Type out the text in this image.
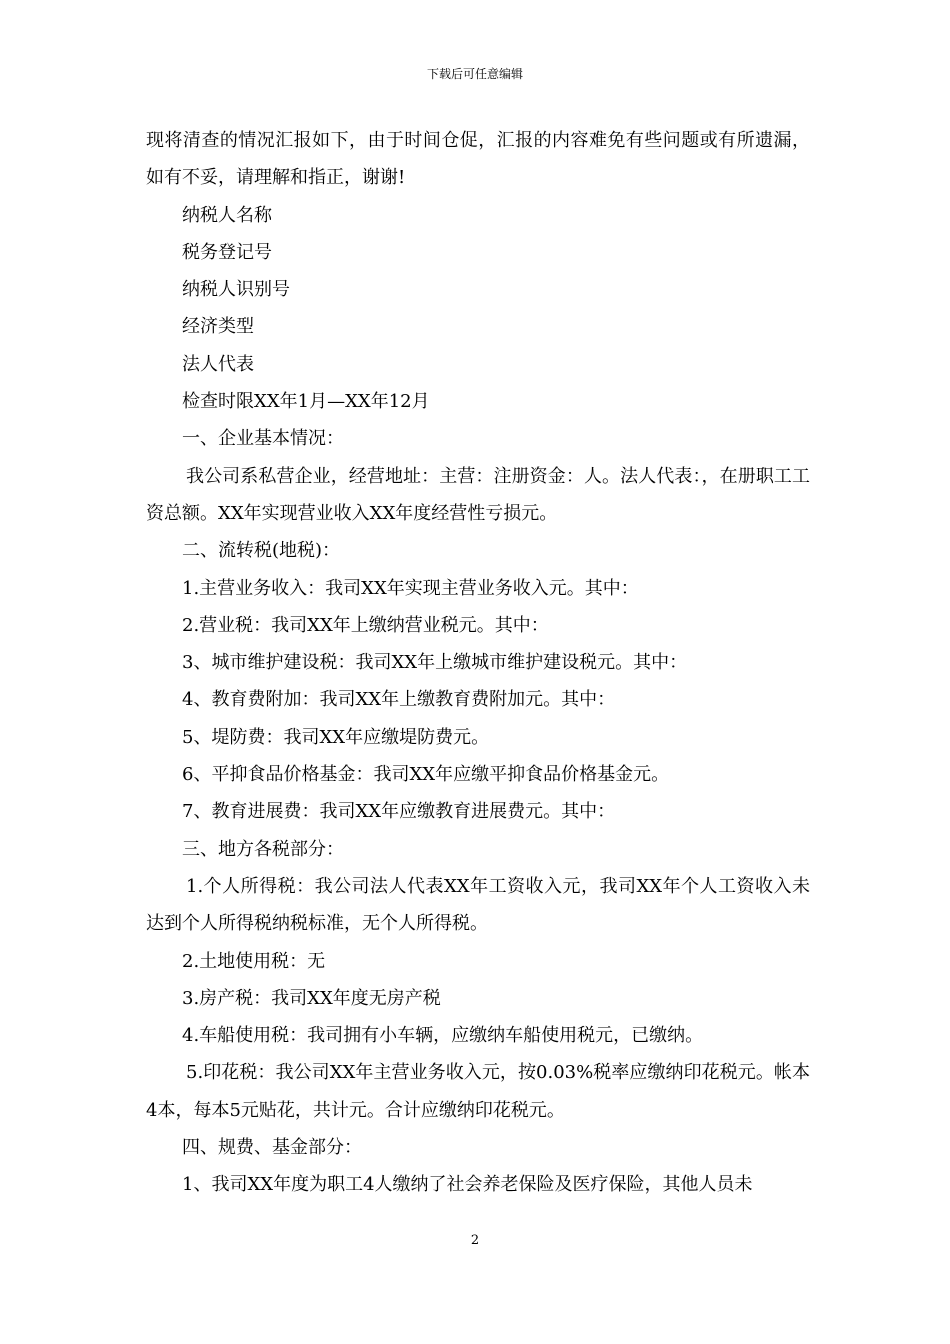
下载后可任意编辑

现将清查的情况汇报如下，由于时间仓促，汇报的内容难免有些问题或有所遗漏，如有不妥，请理解和指正，谢谢!

纳税人名称

税务登记号

纳税人识别号

经济类型

法人代表

检查时限XX年1月—XX年12月

一、企业基本情况：

我公司系私营企业，经营地址：主营：注册资金：人。法人代表：，在册职工工资总额。XX年实现营业收入XX年度经营性亏损元。

二、流转税(地税)：

1.主营业务收入：我司XX年实现主营业务收入元。其中：

2.营业税：我司XX年上缴纳营业税元。其中：

3、城市维护建设税：我司XX年上缴城市维护建设税元。其中：

4、教育费附加：我司XX年上缴教育费附加元。其中：

5、堤防费：我司XX年应缴堤防费元。

6、平抑食品价格基金：我司XX年应缴平抑食品价格基金元。

7、教育进展费：我司XX年应缴教育进展费元。其中：

三、地方各税部分：

1.个人所得税：我公司法人代表XX年工资收入元，我司XX年个人工资收入未达到个人所得税纳税标准，无个人所得税。

2.土地使用税：无

3.房产税：我司XX年度无房产税

4.车船使用税：我司拥有小车辆，应缴纳车船使用税元，已缴纳。

5.印花税：我公司XX年主营业务收入元，按0.03%税率应缴纳印花税元。帐本4本，每本5元贴花，共计元。合计应缴纳印花税元。

四、规费、基金部分：

1、我司XX年度为职工4人缴纳了社会养老保险及医疗保险，其他人员未

2
